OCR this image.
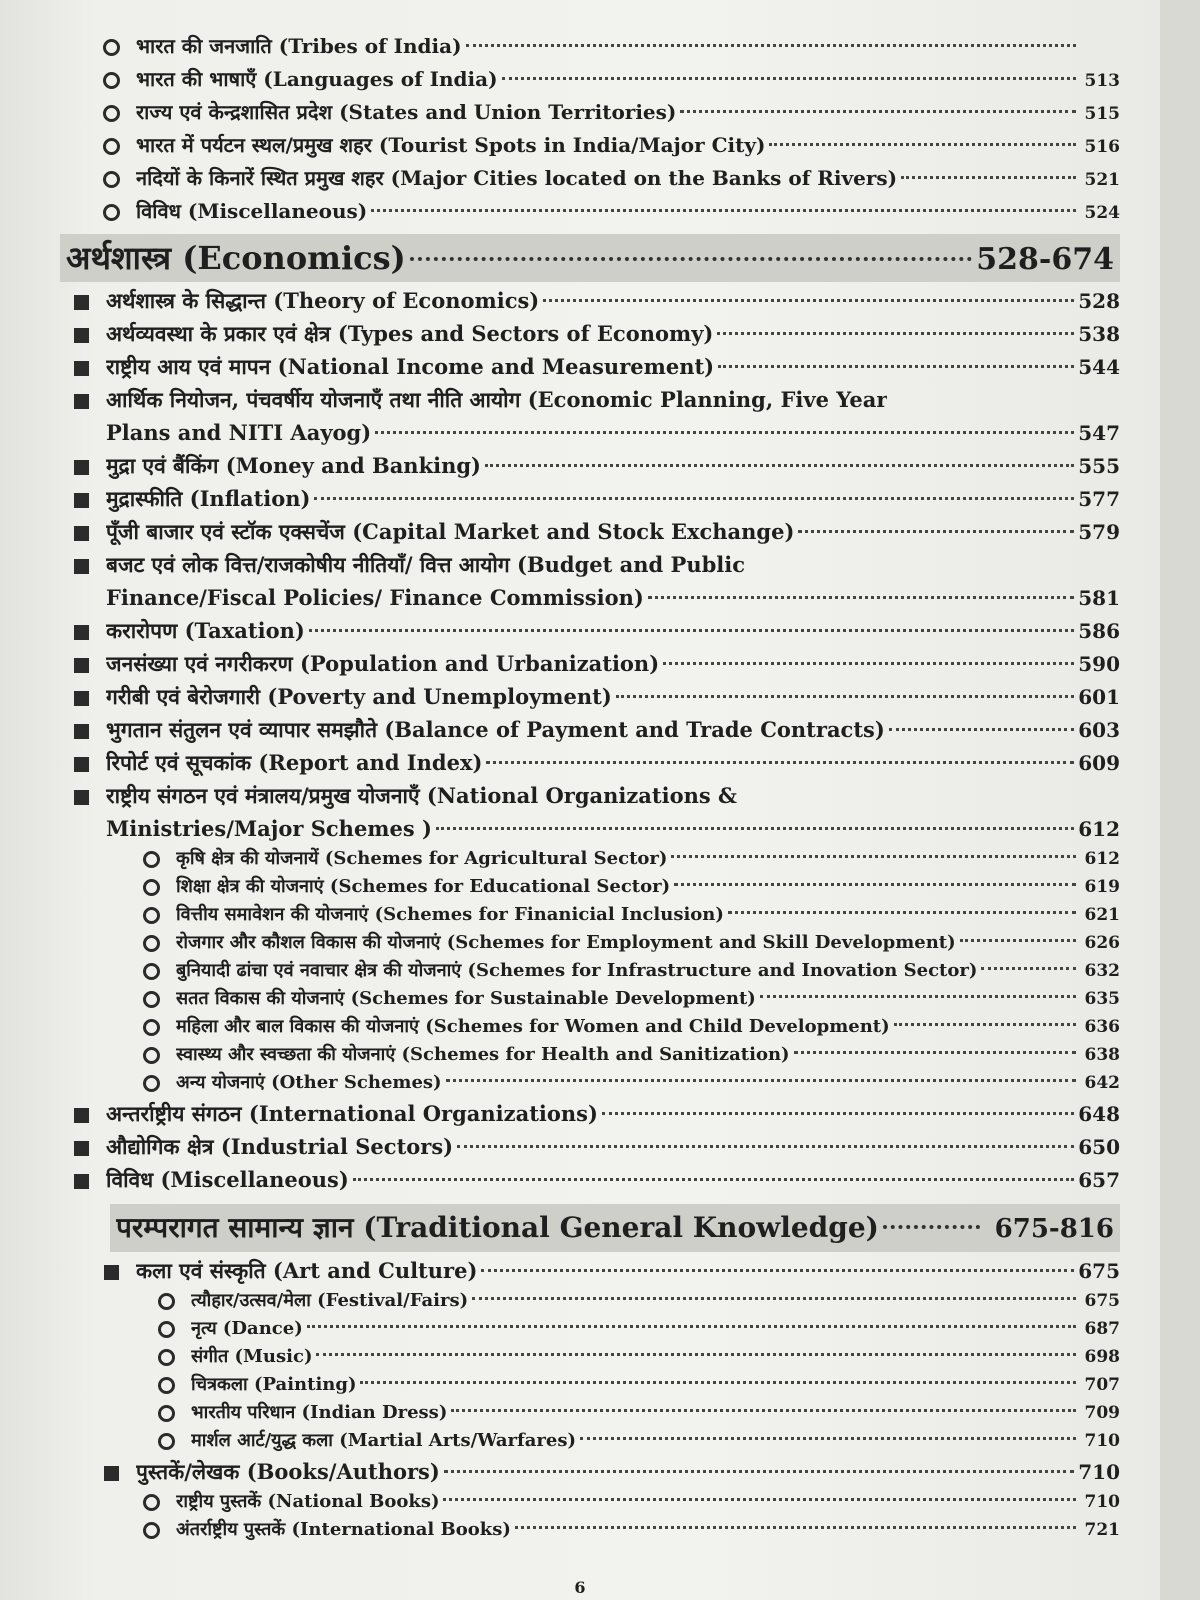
भारत की जनजाति (Tribes of India)
भारत की भाषाएँ (Languages of India)	513
राज्य एवं केन्द्रशासित प्रदेश (States and Union Territories)	515
भारत में पर्यटन स्थल/प्रमुख शहर (Tourist Spots in India/Major City)	516
नदियों के किनारें स्थित प्रमुख शहर (Major Cities located on the Banks of Rivers)	521
विविध (Miscellaneous)	524
अर्थशास्त्र (Economics)	528-674
अर्थशास्त्र के सिद्धान्त (Theory of Economics)	528
अर्थव्यवस्था के प्रकार एवं क्षेत्र (Types and Sectors of Economy)	538
राष्ट्रीय आय एवं मापन (National Income and Measurement)	544
आर्थिक नियोजन, पंचवर्षीय योजनाएँ तथा नीति आयोग (Economic Planning, Five Year
Plans and NITI Aayog)	547
मुद्रा एवं बैंकिंग (Money and Banking)	555
मुद्रास्फीति (Inflation)	577
पूँजी बाजार एवं स्टॉक एक्सचेंज (Capital Market and Stock Exchange)	579
बजट एवं लोक वित्त/राजकोषीय नीतियाँ/ वित्त आयोग (Budget and Public
Finance/Fiscal Policies/ Finance Commission)	581
करारोपण (Taxation)	586
जनसंख्या एवं नगरीकरण (Population and Urbanization)	590
गरीबी एवं बेरोजगारी (Poverty and Unemployment)	601
भुगतान संतुलन एवं व्यापार समझौते (Balance of Payment and Trade Contracts)	603
रिपोर्ट एवं सूचकांक (Report and Index)	609
राष्ट्रीय संगठन एवं मंत्रालय/प्रमुख योजनाएँ (National Organizations &
Ministries/Major Schemes )	612
कृषि क्षेत्र की योजनायें (Schemes for Agricultural Sector)	612
शिक्षा क्षेत्र की योजनाएं (Schemes for Educational Sector)	619
वित्तीय समावेशन की योजनाएं (Schemes for Finanicial Inclusion)	621
रोजगार और कौशल विकास की योजनाएं (Schemes for Employment and Skill Development)	626
बुनियादी ढांचा एवं नवाचार क्षेत्र की योजनाएं (Schemes for Infrastructure and Inovation Sector)	632
सतत विकास की योजनाएं (Schemes for Sustainable Development)	635
महिला और बाल विकास की योजनाएं (Schemes for Women and Child Development)	636
स्वास्थ्य और स्वच्छता की योजनाएं (Schemes for Health and Sanitization)	638
अन्य योजनाएं (Other Schemes)	642
अन्तर्राष्ट्रीय संगठन (International Organizations)	648
औद्योगिक क्षेत्र (Industrial Sectors)	650
विविध (Miscellaneous)	657
परम्परागत सामान्य ज्ञान (Traditional General Knowledge)	675-816
कला एवं संस्कृति (Art and Culture)	675
त्यौहार/उत्सव/मेला (Festival/Fairs)	675
नृत्य (Dance)	687
संगीत (Music)	698
चित्रकला (Painting)	707
भारतीय परिधान (Indian Dress)	709
मार्शल आर्ट/युद्ध कला (Martial Arts/Warfares)	710
पुस्तकें/लेखक (Books/Authors)	710
राष्ट्रीय पुस्तकें (National Books)	710
अंतर्राष्ट्रीय पुस्तकें (International Books)	721
6
